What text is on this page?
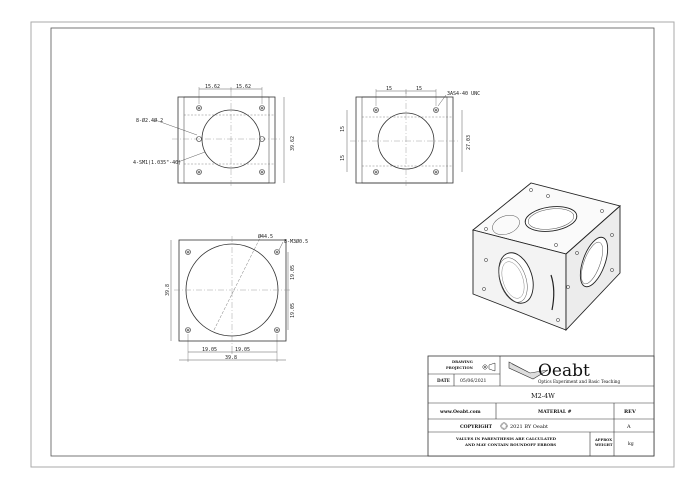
15.62	15.62
39.62
8-Ø2.4Ø 2
4-SM1(1.035"-40)
15	15
15
15
27.03
3AS4-40 UNC
Ø44.5
8-M3Ø0.5
39.8
19.05
19.05
19.05	19.05
39.8
DRAWING PROJECTION
DATE 05/06/2021
Oeabt
Optics Experiment and Basic Teaching
M2-4W
www.Oeabt.com	MATERIAL #	REV
COPYRIGHT	2021 BY Oeabt	A
VALUES IN PARENTHESIS ARE CALCULATED
AND MAY CONTAIN ROUNDOFF ERRORS
APPROX WEIGHT	kg
